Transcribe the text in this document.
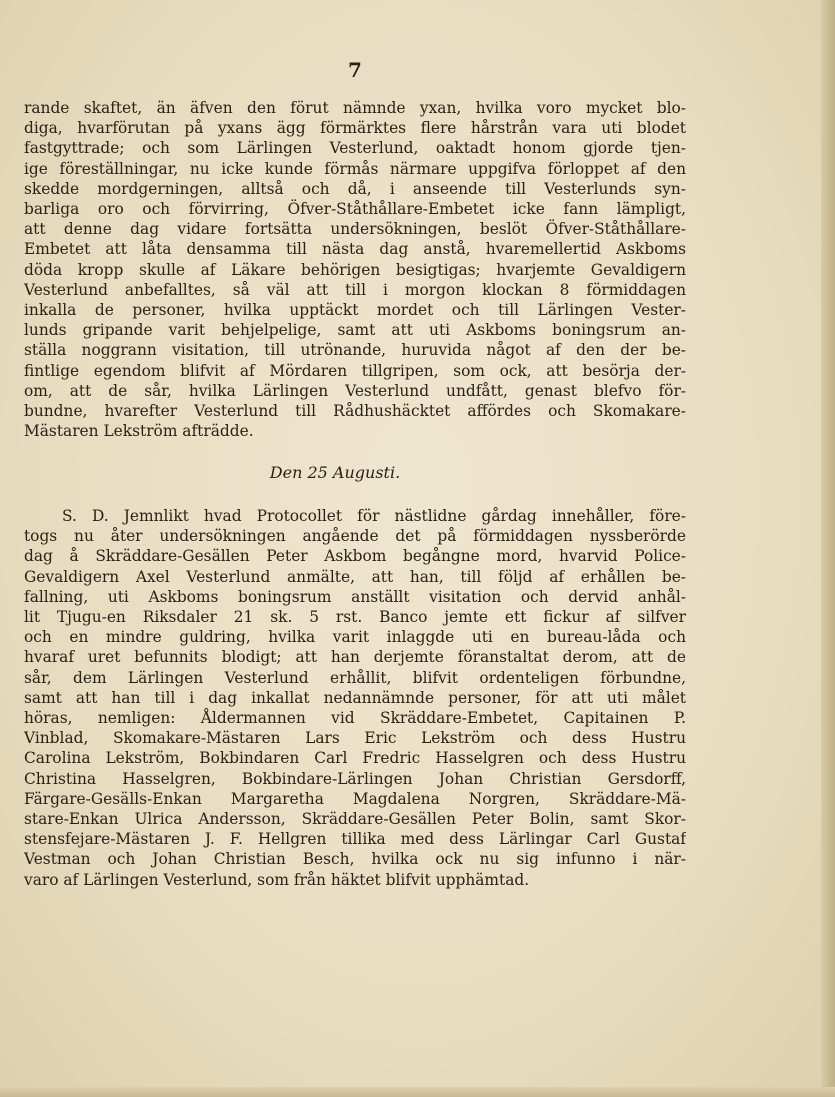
7
rande skaftet, än äfven den förut nämnde yxan, hvilka voro mycket blo-
diga, hvarförutan på yxans ägg förmärktes flere hårstrån vara uti blodet
fastgyttrade; och som Lärlingen Vesterlund, oaktadt honom gjorde tjen-
ige föreställningar, nu icke kunde förmås närmare uppgifva förloppet af den
skedde mordgerningen, alltså och då, i anseende till Vesterlunds syn-
barliga oro och förvirring, Öfver-Ståthållare-Embetet icke fann lämpligt,
att denne dag vidare fortsätta undersökningen, beslöt Öfver-Ståthållare-
Embetet att låta densamma till nästa dag anstå, hvaremellertid Askboms
döda kropp skulle af Läkare behörigen besigtigas; hvarjemte Gevaldigern
Vesterlund anbefalltes, så väl att till i morgon klockan 8 förmiddagen
inkalla de personer, hvilka upptäckt mordet och till Lärlingen Vester-
lunds gripande varit behjelpelige, samt att uti Askboms boningsrum an-
ställa noggrann visitation, till utrönande, huruvida något af den der be-
fintlige egendom blifvit af Mördaren tillgripen, som ock, att besörja der-
om, att de sår, hvilka Lärlingen Vesterlund undfått, genast blefvo för-
bundne, hvarefter Vesterlund till Rådhushäcktet affördes och Skomakare-
Mästaren Lekström afträdde.
Den 25 Augusti.
S. D. Jemnlikt hvad Protocollet för nästlidne gårdag innehåller, före-
togs nu åter undersökningen angående det på förmiddagen nyssberörde
dag å Skräddare-Gesällen Peter Askbom begångne mord, hvarvid Police-
Gevaldigern Axel Vesterlund anmälte, att han, till följd af erhållen be-
fallning, uti Askboms boningsrum anställt visitation och dervid anhål-
lit Tjugu-en Riksdaler 21 sk. 5 rst. Banco jemte ett fickur af silfver
och en mindre guldring, hvilka varit inlaggde uti en bureau-låda och
hvaraf uret befunnits blodigt; att han derjemte föranstaltat derom, att de
sår, dem Lärlingen Vesterlund erhållit, blifvit ordenteligen förbundne,
samt att han till i dag inkallat nedannämnde personer, för att uti målet
höras, nemligen: Åldermannen vid Skräddare-Embetet, Capitainen P.
Vinblad, Skomakare-Mästaren Lars Eric Lekström och dess Hustru
Carolina Lekström, Bokbindaren Carl Fredric Hasselgren och dess Hustru
Christina Hasselgren, Bokbindare-Lärlingen Johan Christian Gersdorff,
Färgare-Gesälls-Enkan Margaretha Magdalena Norgren, Skräddare-Mä-
stare-Enkan Ulrica Andersson, Skräddare-Gesällen Peter Bolin, samt Skor-
stensfejare-Mästaren J. F. Hellgren tillika med dess Lärlingar Carl Gustaf
Vestman och Johan Christian Besch, hvilka ock nu sig infunno i när-
varo af Lärlingen Vesterlund, som från häktet blifvit upphämtad.
